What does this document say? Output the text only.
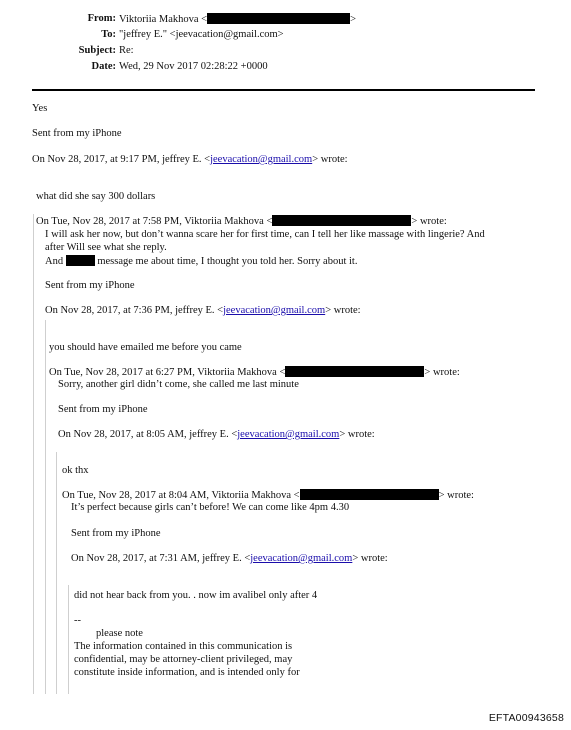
From: Viktoriia Makhova <	>
To: "jeffrey E." <jeevacation@gmail.com>
Subject: Re:
Date: Wed, 29 Nov 2017 02:28:22 +0000
Yes
Sent from my iPhone
On Nov 28, 2017, at 9:17 PM, jeffrey E. <jeevacation@gmail.com> wrote:
what did she say 300 dollars
On Tue, Nov 28, 2017 at 7:58 PM, Viktoriia Makhova <	> wrote:
I will ask her now, but don’t wanna scare her for first time, can I tell her like massage with lingerie? And
after Will see what she reply.
And	message me about time, I thought you told her. Sorry about it.
Sent from my iPhone
On Nov 28, 2017, at 7:36 PM, jeffrey E. <jeevacation@gmail.com> wrote:
you should have emailed me before you came
On Tue, Nov 28, 2017 at 6:27 PM, Viktoriia Makhova <	> wrote:
Sorry, another girl didn’t come, she called me last minute
Sent from my iPhone
On Nov 28, 2017, at 8:05 AM, jeffrey E. <jeevacation@gmail.com> wrote:
ok thx
On Tue, Nov 28, 2017 at 8:04 AM, Viktoriia Makhova <	> wrote:
It’s perfect because girls can’t before! We can come like 4pm 4.30
Sent from my iPhone
On Nov 28, 2017, at 7:31 AM, jeffrey E. <jeevacation@gmail.com> wrote:
did not hear back from you. . now im avalibel only after 4
--
please note
The information contained in this communication is
confidential, may be attorney-client privileged, may
constitute inside information, and is intended only for
EFTA00943658
